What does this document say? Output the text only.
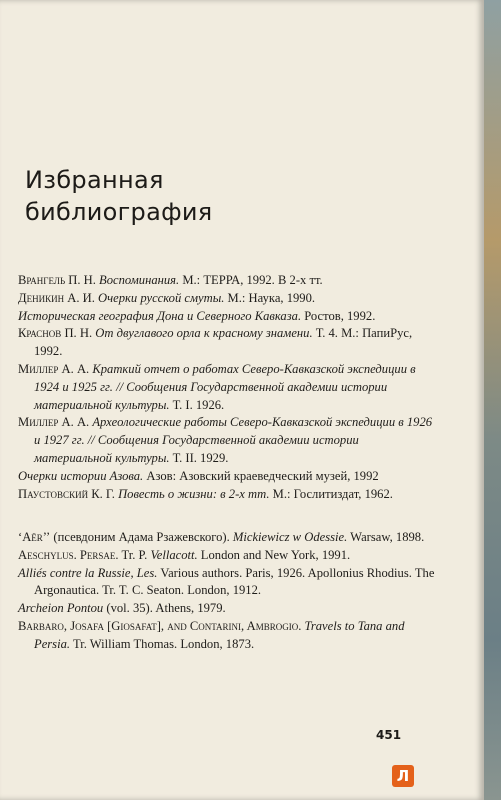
Избранная
библиография

Врангель П. Н. Воспоминания. М.: ТЕРРА, 1992. В 2-х тт.

Деникин А. И. Очерки русской смуты. М.: Наука, 1990.

Историческая география Дона и Северного Кавказа. Ростов, 1992.

Краснов П. Н. От двуглавого орла к красному знамени. Т. 4. М.: ПапиРус, 1992.

Миллер А. А. Краткий отчет о работах Северо-Кавказской экспедиции в 1924 и 1925 гг. // Сообщения Государственной академии истории материальной культуры. Т. I. 1926.

Миллер А. А. Археологические работы Северо-Кавказской экспедиции в 1926 и 1927 гг. // Сообщения Государственной академии истории материальной культуры. Т. II. 1929.

Очерки истории Азова. Азов: Азовский краеведческий музей, 1992

Паустовский К. Г. Повесть о жизни: в 2-х тт. М.: Гослитиздат, 1962.

‘Aër’’ (псевдоним Адама Рзажевского). Mickiewicz w Odessie. Warsaw, 1898.

Aeschylus. Persae. Tr. P. Vellacott. London and New York, 1991.

Alliés contre la Russie, Les. Various authors. Paris, 1926. Apollonius Rhodius. The Argonautica. Tr. T. C. Seaton. London, 1912.

Archeion Pontou (vol. 35). Athens, 1979.

Barbaro, Josafa [Giosafat], and Contarini, Ambrogio. Travels to Tana and Persia. Tr. William Thomas. London, 1873.

451
Л
